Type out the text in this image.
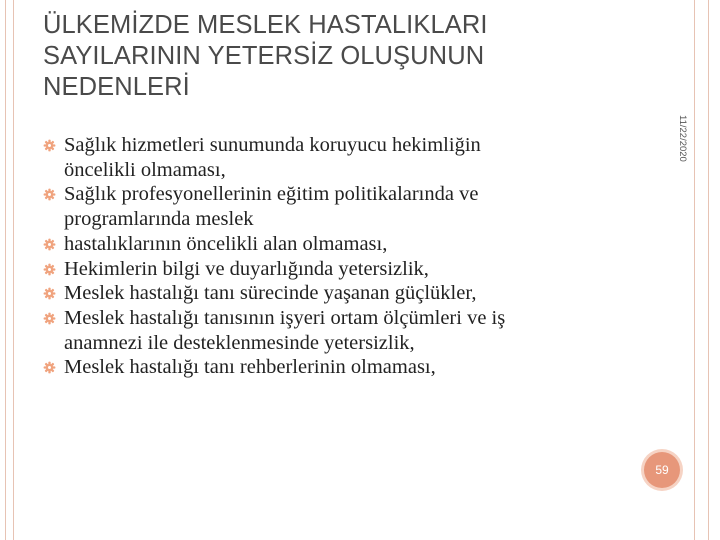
ÜLKEMİZDE MESLEK HASTALIKLARI
SAYILARININ YETERSİZ OLUŞUNUN
NEDENLERİ
11/22/2020
Sağlık hizmetleri sunumunda koruyucu hekimliğin
öncelikli olmaması,
Sağlık profesyonellerinin eğitim politikalarında ve
programlarında meslek
hastalıklarının öncelikli alan olmaması,
Hekimlerin bilgi ve duyarlığında yetersizlik,
Meslek hastalığı tanı sürecinde yaşanan güçlükler,
Meslek hastalığı tanısının işyeri ortam ölçümleri ve iş
anamnezi ile desteklenmesinde yetersizlik,
Meslek hastalığı tanı rehberlerinin olmaması,
59
